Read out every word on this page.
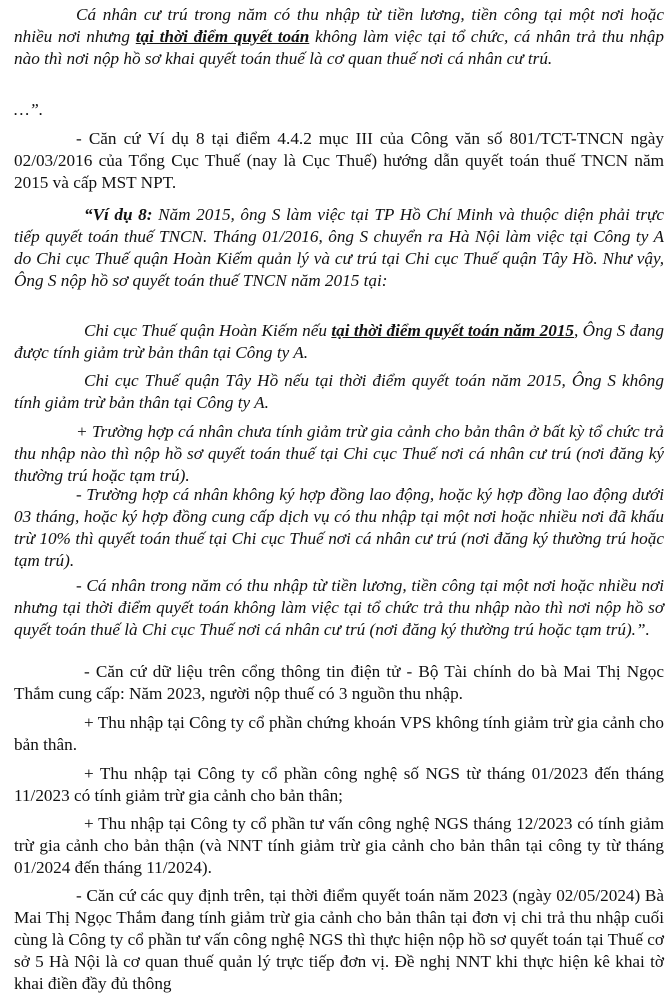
Cá nhân cư trú trong năm có thu nhập từ tiền lương, tiền công tại một nơi hoặc nhiều nơi nhưng tại thời điểm quyết toán không làm việc tại tổ chức, cá nhân trả thu nhập nào thì nơi nộp hồ sơ khai quyết toán thuế là cơ quan thuế nơi cá nhân cư trú.

…”.

- Căn cứ Ví dụ 8 tại điểm 4.4.2 mục III của Công văn số 801/TCT-TNCN ngày 02/03/2016 của Tổng Cục Thuế (nay là Cục Thuế) hướng dẫn quyết toán thuế TNCN năm 2015 và cấp MST NPT.

“Ví dụ 8: Năm 2015, ông S làm việc tại TP Hồ Chí Minh và thuộc diện phải trực tiếp quyết toán thuế TNCN. Tháng 01/2016, ông S chuyển ra Hà Nội làm việc tại Công ty A do Chi cục Thuế quận Hoàn Kiếm quản lý và cư trú tại Chi cục Thuế quận Tây Hồ. Như vậy, Ông S nộp hồ sơ quyết toán thuế TNCN năm 2015 tại:

Chi cục Thuế quận Hoàn Kiếm nếu tại thời điểm quyết toán năm 2015, Ông S đang được tính giảm trừ bản thân tại Công ty A.

Chi cục Thuế quận Tây Hồ nếu tại thời điểm quyết toán năm 2015, Ông S không tính giảm trừ bản thân tại Công ty A.

+ Trường hợp cá nhân chưa tính giảm trừ gia cảnh cho bản thân ở bất kỳ tổ chức trả thu nhập nào thì nộp hồ sơ quyết toán thuế tại Chi cục Thuế nơi cá nhân cư trú (nơi đăng ký thường trú hoặc tạm trú).

- Trường hợp cá nhân không ký hợp đồng lao động, hoặc ký hợp đồng lao động dưới 03 tháng, hoặc ký hợp đồng cung cấp dịch vụ có thu nhập tại một nơi hoặc nhiều nơi đã khấu trừ 10% thì quyết toán thuế tại Chi cục Thuế nơi cá nhân cư trú (nơi đăng ký thường trú hoặc tạm trú).

- Cá nhân trong năm có thu nhập từ tiền lương, tiền công tại một nơi hoặc nhiều nơi nhưng tại thời điểm quyết toán không làm việc tại tổ chức trả thu nhập nào thì nơi nộp hồ sơ quyết toán thuế là Chi cục Thuế nơi cá nhân cư trú (nơi đăng ký thường trú hoặc tạm trú).”.

- Căn cứ dữ liệu trên cổng thông tin điện tử - Bộ Tài chính do bà Mai Thị Ngọc Thắm cung cấp: Năm 2023, người nộp thuế có 3 nguồn thu nhập.

+ Thu nhập tại Công ty cổ phần chứng khoán VPS không tính giảm trừ gia cảnh cho bản thân.

+ Thu nhập tại Công ty cổ phần công nghệ số NGS từ tháng 01/2023 đến tháng 11/2023 có tính giảm trừ gia cảnh cho bản thân;

+ Thu nhập tại Công ty cổ phần tư vấn công nghệ NGS tháng 12/2023 có tính giảm trừ gia cảnh cho bản thận (và NNT tính giảm trừ gia cảnh cho bản thân tại công ty từ tháng 01/2024 đến tháng 11/2024).

- Căn cứ các quy định trên, tại thời điểm quyết toán năm 2023 (ngày 02/05/2024) Bà Mai Thị Ngọc Thắm đang tính giảm trừ gia cảnh cho bản thân tại đơn vị chi trả thu nhập cuối cùng là Công ty cổ phần tư vấn công nghệ NGS thì thực hiện nộp hồ sơ quyết toán tại Thuế cơ sở 5 Hà Nội là cơ quan thuế quản lý trực tiếp đơn vị. Đề nghị NNT khi thực hiện kê khai tờ khai điền đầy đủ thông
